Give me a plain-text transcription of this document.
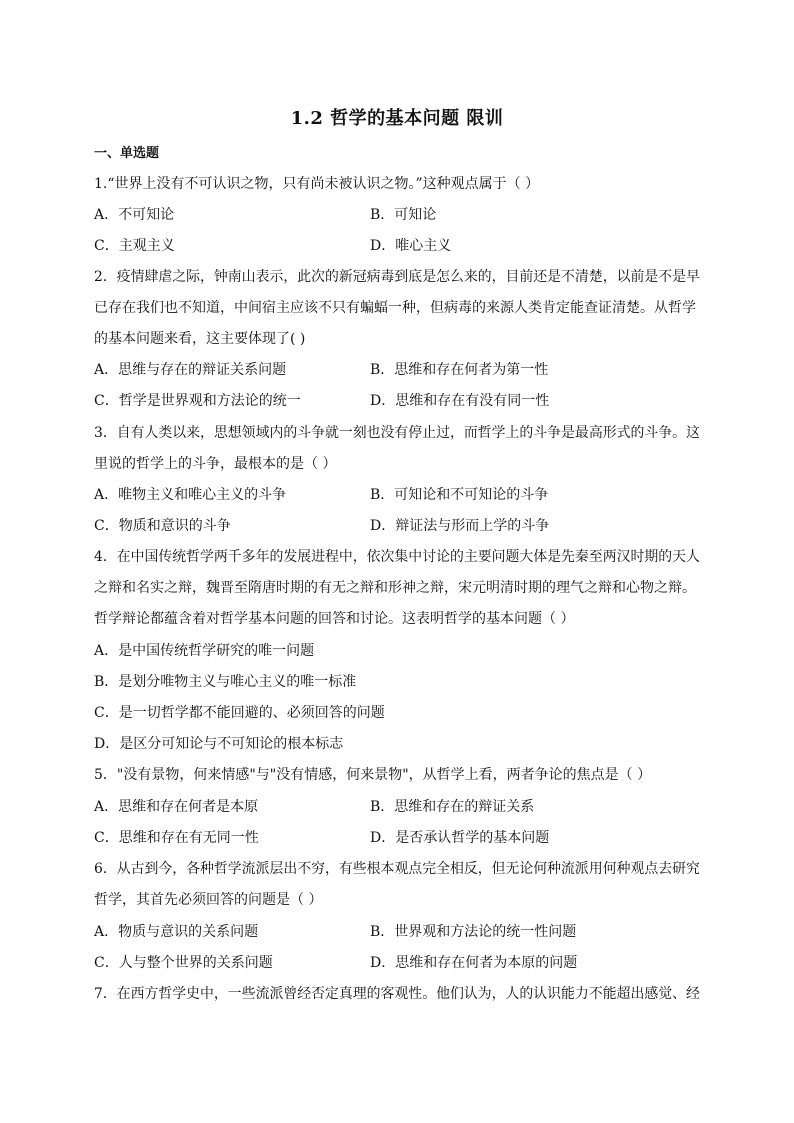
1.2 哲学的基本问题 限训
一、单选题
1.“世界上没有不可认识之物，只有尚未被认识之物。”这种观点属于（ ）
A．不可知论	B．可知论
C．主观主义	D．唯心主义
2．疫情肆虐之际，钟南山表示，此次的新冠病毒到底是怎么来的，目前还是不清楚，以前是不是早
已存在我们也不知道，中间宿主应该不只有蝙蝠一种，但病毒的来源人类肯定能查证清楚。从哲学
的基本问题来看，这主要体现了( )
A．思维与存在的辩证关系问题	B．思维和存在何者为第一性
C．哲学是世界观和方法论的统一	D．思维和存在有没有同一性
3．自有人类以来，思想领域内的斗争就一刻也没有停止过，而哲学上的斗争是最高形式的斗争。这
里说的哲学上的斗争，最根本的是（ ）
A．唯物主义和唯心主义的斗争	B．可知论和不可知论的斗争
C．物质和意识的斗争	D．辩证法与形而上学的斗争
4．在中国传统哲学两千多年的发展进程中，依次集中讨论的主要问题大体是先秦至两汉时期的天人
之辩和名实之辩，魏晋至隋唐时期的有无之辩和形神之辩，宋元明清时期的理气之辩和心物之辩。
哲学辩论都蕴含着对哲学基本问题的回答和讨论。这表明哲学的基本问题（ ）
A．是中国传统哲学研究的唯一问题
B．是划分唯物主义与唯心主义的唯一标准
C．是一切哲学都不能回避的、必须回答的问题
D．是区分可知论与不可知论的根本标志
5．"没有景物，何来情感"与"没有情感，何来景物"，从哲学上看，两者争论的焦点是（ ）
A．思维和存在何者是本原	B．思维和存在的辩证关系
C．思维和存在有无同一性	D．是否承认哲学的基本问题
6．从古到今，各种哲学流派层出不穷，有些根本观点完全相反，但无论何种流派用何种观点去研究
哲学，其首先必须回答的问题是（ ）
A．物质与意识的关系问题	B．世界观和方法论的统一性问题
C．人与整个世界的关系问题	D．思维和存在何者为本原的问题
7．在西方哲学史中，一些流派曾经否定真理的客观性。他们认为，人的认识能力不能超出感觉、经
